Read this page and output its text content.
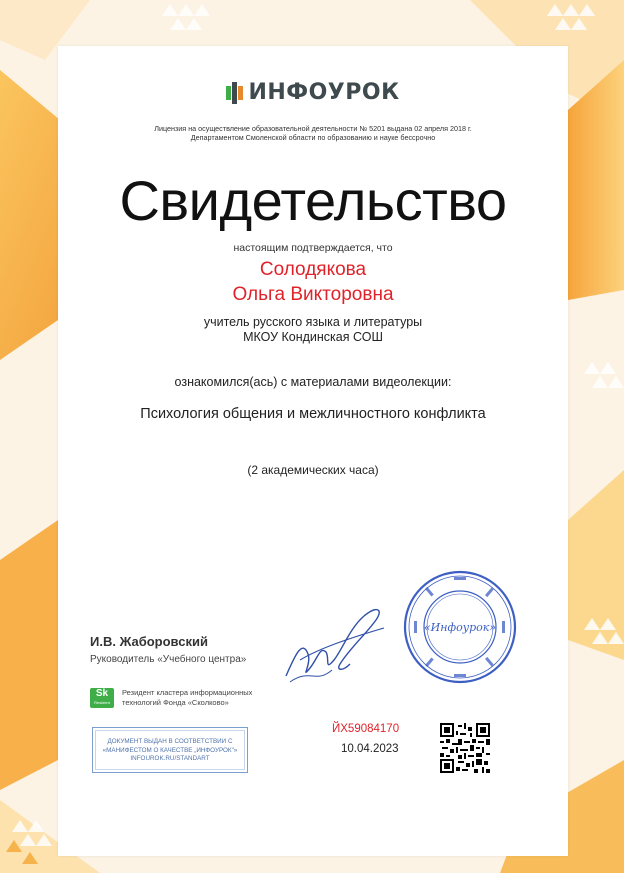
ИНФОУРОК
Лицензия на осуществление образовательной деятельности № 5201 выдана 02 апреля 2018 г.
Департаментом Смоленской области по образованию и науке бессрочно
Свидетельство
настоящим подтверждается, что
Солодякова
Ольга Викторовна
учитель русского языка и литературы
МКОУ Кондинская СОШ
ознакомился(ась) с материалами видеолекции:
Психология общения и межличностного конфликта
(2 академических часа)
И.В. Жаборовский
Руководитель «Учебного центра»
«Инфоурок»
Sk
Resident
Резидент кластера информационных
технологий Фонда «Сколково»
ДОКУМЕНТ ВЫДАН В СООТВЕТСТВИИ С
«МАНИФЕСТОМ О КАЧЕСТВЕ „ИНФОУРОК"»
INFOUROK.RU/STANDART
ЙХ59084170
10.04.2023
